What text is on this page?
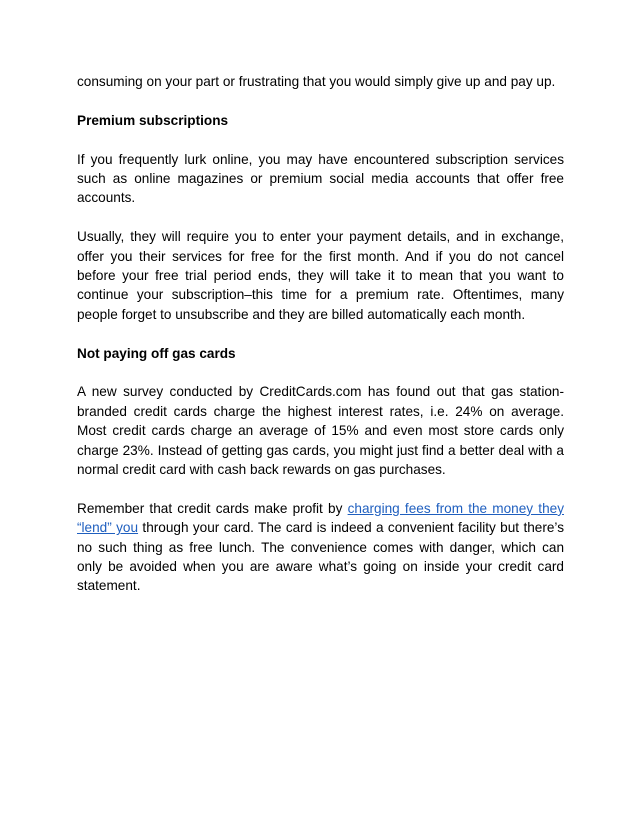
consuming on your part or frustrating that you would simply give up and pay up.

Premium subscriptions

If you frequently lurk online, you may have encountered subscription services such as online magazines or premium social media accounts that offer free accounts.

Usually, they will require you to enter your payment details, and in exchange, offer you their services for free for the first month. And if you do not cancel before your free trial period ends, they will take it to mean that you want to continue your subscription–this time for a premium rate. Oftentimes, many people forget to unsubscribe and they are billed automatically each month.

Not paying off gas cards

A new survey conducted by CreditCards.com has found out that gas station-branded credit cards charge the highest interest rates, i.e. 24% on average. Most credit cards charge an average of 15% and even most store cards only charge 23%. Instead of getting gas cards, you might just find a better deal with a normal credit card with cash back rewards on gas purchases.

Remember that credit cards make profit by charging fees from the money they “lend” you through your card. The card is indeed a convenient facility but there’s no such thing as free lunch. The convenience comes with danger, which can only be avoided when you are aware what’s going on inside your credit card statement.
